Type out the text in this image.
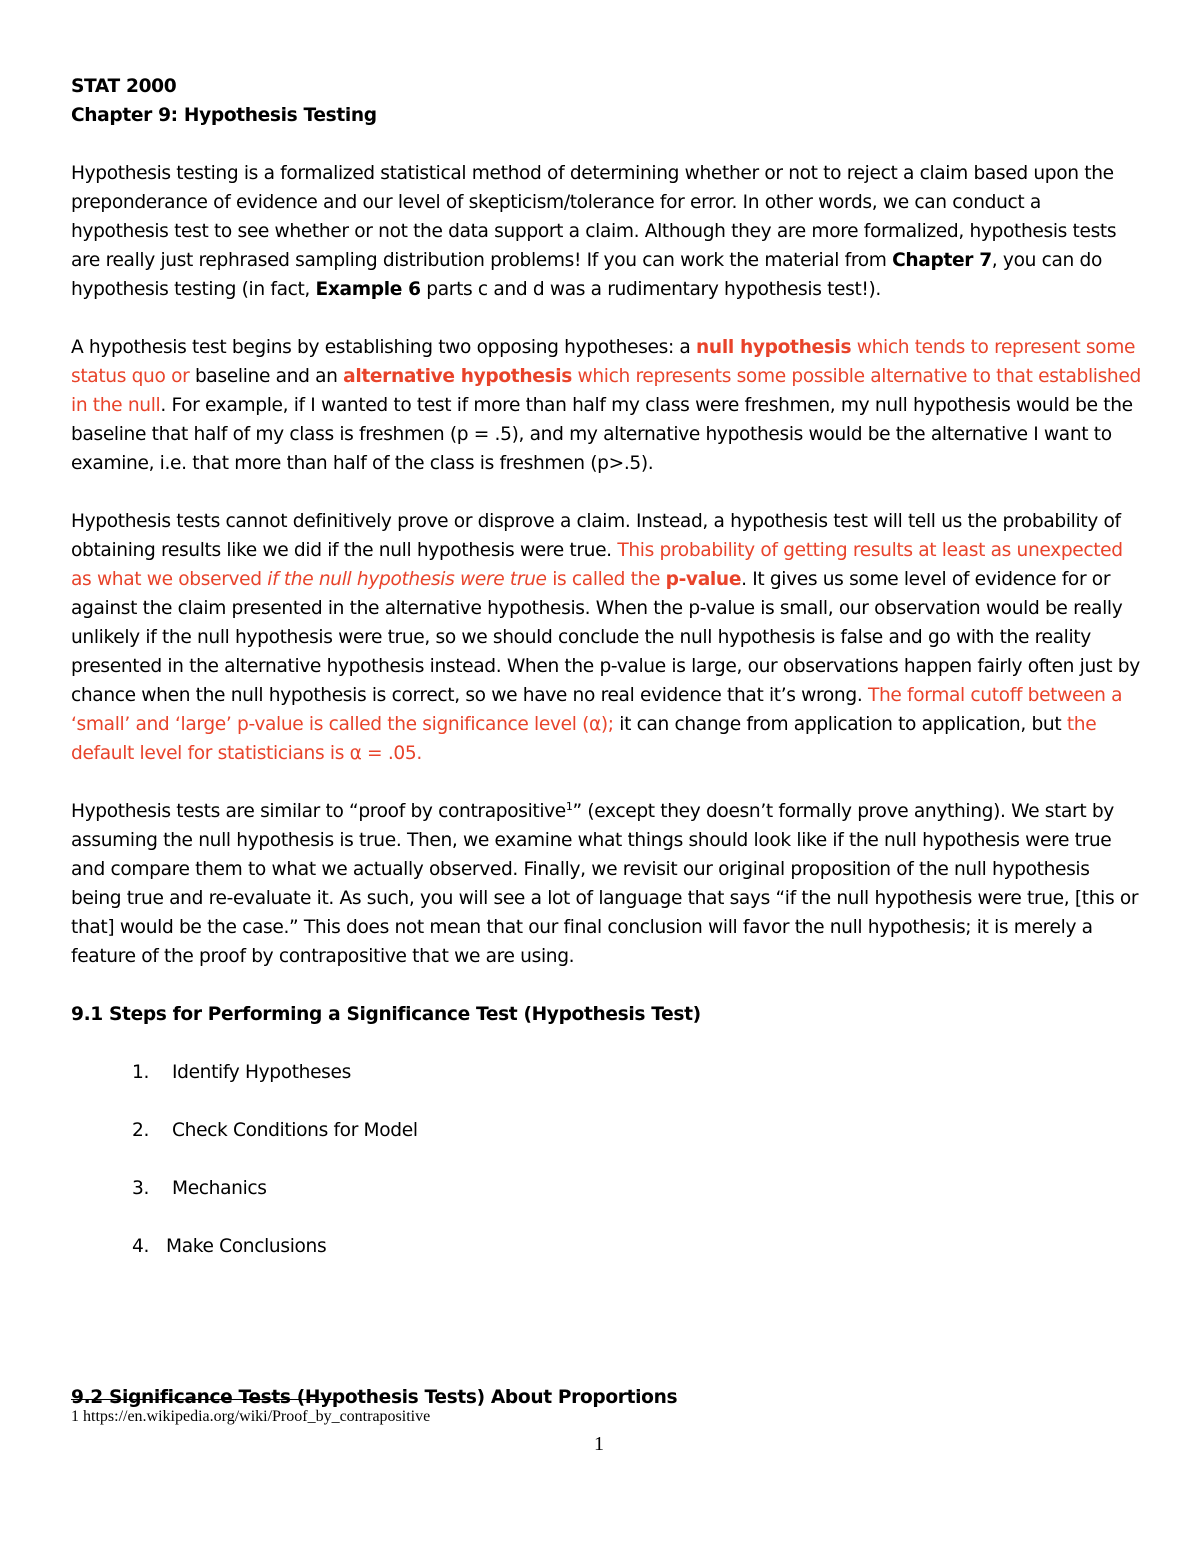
STAT 2000

Chapter 9: Hypothesis Testing

Hypothesis testing is a formalized statistical method of determining whether or not to reject a claim based upon the preponderance of evidence and our level of skepticism/tolerance for error. In other words, we can conduct a hypothesis test to see whether or not the data support a claim. Although they are more formalized, hypothesis tests are really just rephrased sampling distribution problems! If you can work the material from Chapter 7, you can do hypothesis testing (in fact, Example 6 parts c and d was a rudimentary hypothesis test!).

A hypothesis test begins by establishing two opposing hypotheses: a null hypothesis which tends to represent some status quo or baseline and an alternative hypothesis which represents some possible alternative to that established in the null. For example, if I wanted to test if more than half my class were freshmen, my null hypothesis would be the baseline that half of my class is freshmen (p = .5), and my alternative hypothesis would be the alternative I want to examine, i.e. that more than half of the class is freshmen (p>.5).

Hypothesis tests cannot definitively prove or disprove a claim. Instead, a hypothesis test will tell us the probability of obtaining results like we did if the null hypothesis were true. This probability of getting results at least as unexpected as what we observed if the null hypothesis were true is called the p-value. It gives us some level of evidence for or against the claim presented in the alternative hypothesis. When the p-value is small, our observation would be really unlikely if the null hypothesis were true, so we should conclude the null hypothesis is false and go with the reality presented in the alternative hypothesis instead. When the p-value is large, our observations happen fairly often just by chance when the null hypothesis is correct, so we have no real evidence that it’s wrong. The formal cutoff between a ‘small’ and ‘large’ p-value is called the significance level (α); it can change from application to application, but the default level for statisticians is α = .05.

Hypothesis tests are similar to “proof by contrapositive$^1$” (except they doesn’t formally prove anything). We start by assuming the null hypothesis is true. Then, we examine what things should look like if the null hypothesis were true and compare them to what we actually observed. Finally, we revisit our original proposition of the null hypothesis being true and re-evaluate it. As such, you will see a lot of language that says “if the null hypothesis were true, [this or that] would be the case.” This does not mean that our final conclusion will favor the null hypothesis; it is merely a feature of the proof by contrapositive that we are using.

9.1 Steps for Performing a Significance Test (Hypothesis Test)

1. Identify Hypotheses
2. Check Conditions for Model
3. Mechanics
4. Make Conclusions

9.2 Significance Tests (Hypothesis Tests) About Proportions

1 https://en.wikipedia.org/wiki/Proof_by_contrapositive
1
